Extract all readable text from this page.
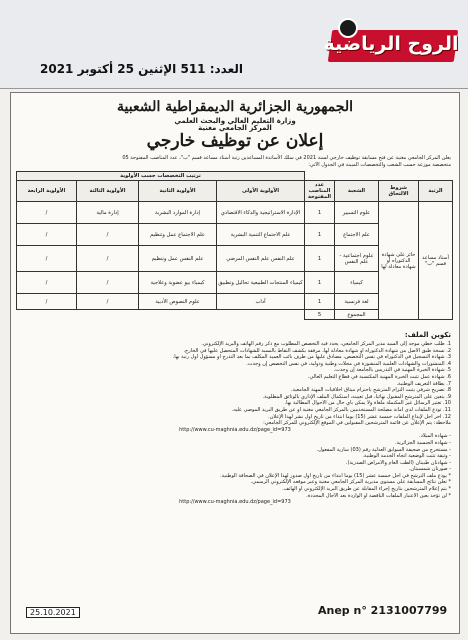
الروح الرياضية
العدد: 511 الإثنين 25 أكتوبر 2021
الجمهورية الجزائرية الديمقراطية الشعبية
وزارة التعليم العالي والبحث العلمي
المركز الجامعي مغنية
إعلان عن توظيف خارجي
يعلن المركز الجامعي مغنية عن فتح مسابقة توظيف خارجي لسنة 2021 في سلك الأساتذة المساعدين رتبة أستاذ مساعد قسم "ب"، عدد المناصب المفتوحة 05
متخصصة موزعة حسب الشعب والتخصصات المبينة في الجدول الآتي:
				ترتيب التخصصات حسب الأولوية			
الرتبة	شروط الالتحاق	الشعبة	عدد المناصب المفتوحة	الأولوية الأولى	الأولوية الثانية	الأولوية الثالثة	الأولوية الرابعة
أستاذ مساعد قسم "ب"	حائز على شهادة الدكتوراه أو شهادة معادلة لها	علوم التسيير	1	الإدارة الاستراتيجية والذكاء الاقتصادي	إدارة الموارد البشرية	إدارة مالية	/
		علم الاجتماع	1	علم الاجتماع التنمية البشرية	علم الاجتماع عمل وتنظيم	/	/
		علوم اجتماعية - علم النفس	1	علم النفس علم النفس المرضي	علم النفس عمل وتنظيم	/	/
		كيمياء	1	كيمياء المنتجات الطبيعية تحاليل وتطبيق	كيمياء بيو عضوية وعلاجية	/	/
		لغة فرنسية	1	آداب	علوم النصوص الأدبية	/	/
		المجموع	5				
تكوين الملف:
1. طلب خطي موجه إلى السيد مدير المركز الجامعي، يحدد فيه التخصص المطلوب مع ذكر رقم الهاتف والبريد الإلكتروني.
2. نسخة طبق الأصل من شهادة الدكتوراه أو شهادة معادلة لها، مرفقة بكشف النقاط بالنسبة للشهادات المتحصل عليها في الخارج.
3. شهادة التسجيل في الدكتوراه في نفس التخصص، مصادق عليها من طرف نائب العميد المكلف بما بعد التدرج أو مسؤول أول رتبة بها.
4. المنشورات والشهادات العلمية المنشورة في مجلات وطنية ودولية، في نفس التخصص إن وجدت.
5. شهادة الخبرة المهنية في التدريس بالجامعة إن وجدت.
6. شهادة عمل تثبت الخبرة المهنية المكتسبة في قطاع التعليم العالي.
7. بطاقة التعريف الوطنية.
8. تصريح شرفي يثبت التزام المترشح باحترام ميثاق أخلاقيات المهنة الجامعية.
9. يتعين على المترشح المقبول نهائيا، قبل تعيينه، استكمال الملف الإداري بالوثائق المطلوبة.
10. تعتبر الرسائل غير المكتملة ملغاة ولا يمكن بأي حال من الأحوال المطالبة بها.
11. تودع الملفات لدى أمانة مصلحة المستخدمين بالمركز الجامعي مغنية أو عن طريق البريد الموصى عليه.
12. آخر أجل لإيداع الملفات خمسة عشر (15) يوما ابتداء من تاريخ أول نشر لهذا الإعلان.
ملاحظة: يتم الإعلان عن قائمة المترشحين المقبولين في الموقع الإلكتروني للمركز الجامعي:
http://www.cu-maghnia.edu.dz/page_id=973
- شهادة الميلاد.
- شهادة الجنسية الجزائرية.
- مستخرج من صحيفة السوابق العدلية رقم (03) سارية المفعول.
- وثيقة تثبت الوضعية اتجاه الخدمة الوطنية.
- شهادتان طبيتان (الطب العام والأمراض الصدرية).
- صورتان شمسيتان.
* يودع ملف الترشح في أجل خمسة عشر (15) يوما ابتداء من تاريخ أول صدور لهذا الإعلان في الصحافة الوطنية.
* تعلن نتائج المسابقة على مستوى مديرية المركز الجامعي مغنية وعبر موقعه الإلكتروني الرسمي.
* يتم إعلام المترشحين بتاريخ إجراء المقابلة عن طريق البريد الإلكتروني أو الهاتف.
* لن تؤخذ بعين الاعتبار الملفات الناقصة أو الواردة بعد الآجال المحددة.
http://www.cu-maghnia.edu.dz/page_id=973
25.10.2021	Anep n° 2131007799
